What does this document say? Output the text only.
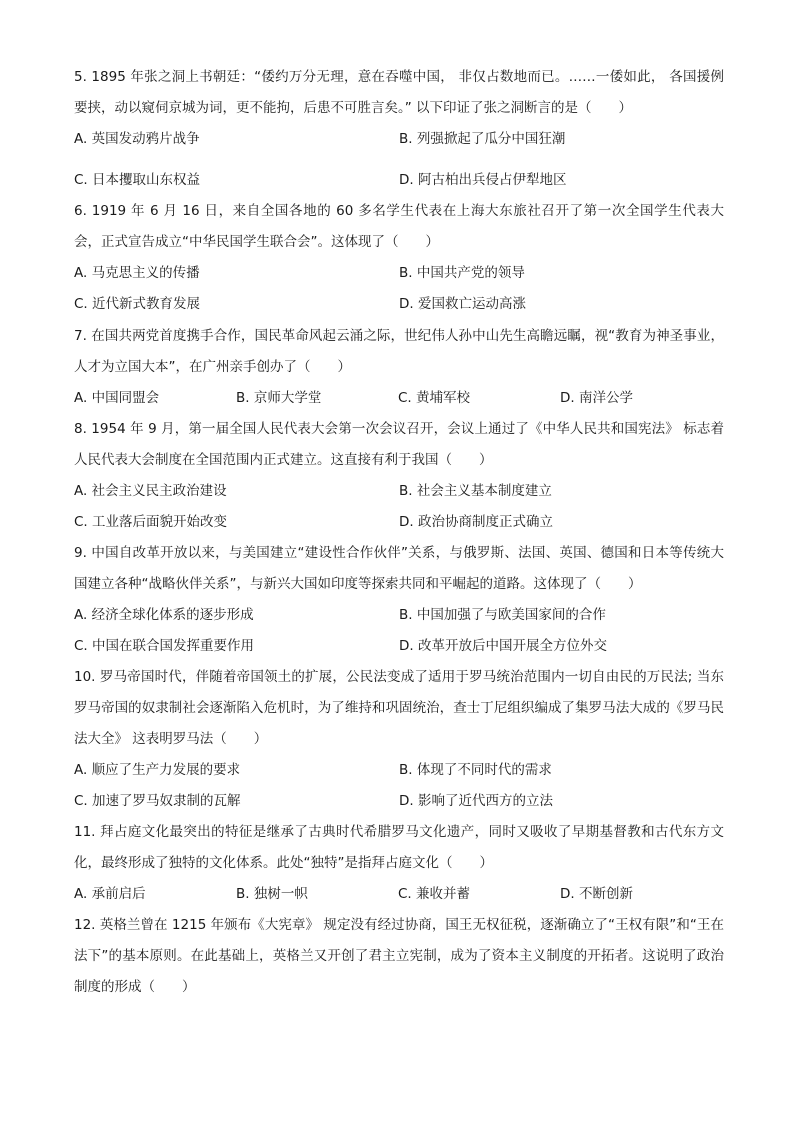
5. 1895 年张之洞上书朝廷：“倭约万分无理，意在吞噬中国， 非仅占数地而已。……一倭如此， 各国援例要挟，动以窥伺京城为词，更不能拘，后患不可胜言矣。” 以下印证了张之洞断言的是（　　）

A. 英国发动鸦片战争	B. 列强掀起了瓜分中国狂潮
C. 日本攫取山东权益	D. 阿古柏出兵侵占伊犁地区

6. 1919 年 6 月 16 日，来自全国各地的 60 多名学生代表在上海大东旅社召开了第一次全国学生代表大会，正式宣告成立“中华民国学生联合会”。这体现了（　　）

A. 马克思主义的传播	B. 中国共产党的领导
C. 近代新式教育发展	D. 爱国救亡运动高涨

7. 在国共两党首度携手合作，国民革命风起云涌之际，世纪伟人孙中山先生高瞻远瞩，视“教育为神圣事业，人才为立国大本”，在广州亲手创办了（　　）

A. 中国同盟会	B. 京师大学堂	C. 黄埔军校	D. 南洋公学

8. 1954 年 9 月，第一届全国人民代表大会第一次会议召开，会议上通过了《中华人民共和国宪法》 标志着人民代表大会制度在全国范围内正式建立。这直接有利于我国（　　）

A. 社会主义民主政治建设	B. 社会主义基本制度建立
C. 工业落后面貌开始改变	D. 政治协商制度正式确立

9. 中国自改革开放以来，与美国建立“建设性合作伙伴”关系，与俄罗斯、法国、英国、德国和日本等传统大国建立各种“战略伙伴关系”，与新兴大国如印度等探索共同和平崛起的道路。这体现了（　　）

A. 经济全球化体系的逐步形成	B. 中国加强了与欧美国家间的合作
C. 中国在联合国发挥重要作用	D. 改革开放后中国开展全方位外交

10. 罗马帝国时代，伴随着帝国领土的扩展，公民法变成了适用于罗马统治范围内一切自由民的万民法; 当东罗马帝国的奴隶制社会逐渐陷入危机时，为了维持和巩固统治，查士丁尼组织编成了集罗马法大成的《罗马民法大全》 这表明罗马法（　　）

A. 顺应了生产力发展的要求	B. 体现了不同时代的需求
C. 加速了罗马奴隶制的瓦解	D. 影响了近代西方的立法

11. 拜占庭文化最突出的特征是继承了古典时代希腊罗马文化遗产，同时又吸收了早期基督教和古代东方文化，最终形成了独特的文化体系。此处“独特”是指拜占庭文化（　　）

A. 承前启后	B. 独树一帜	C. 兼收并蓄	D. 不断创新

12. 英格兰曾在 1215 年颁布《大宪章》 规定没有经过协商，国王无权征税，逐渐确立了“王权有限”和“王在法下”的基本原则。在此基础上，英格兰又开创了君主立宪制，成为了资本主义制度的开拓者。这说明了政治制度的形成（　　）
